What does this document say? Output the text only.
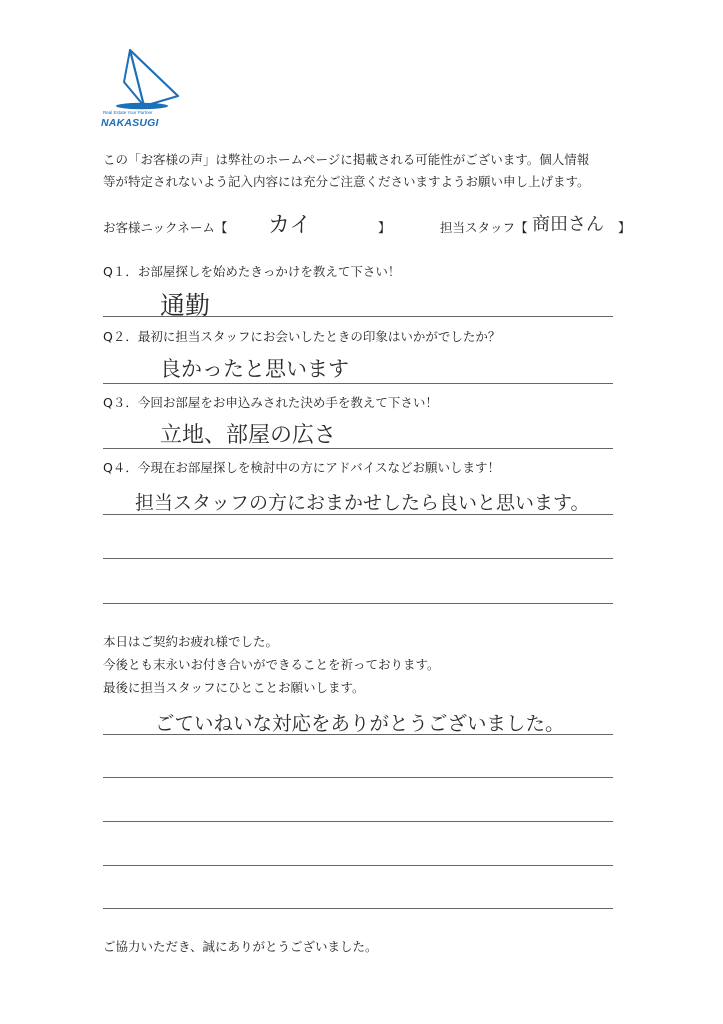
Real Estate Your Partner
NAKASUGI
この「お客様の声」は弊社のホームページに掲載される可能性がございます。個人情報
等が特定されないよう記入内容には充分ご注意くださいますようお願い申し上げます。
お客様ニックネーム【 カイ	】	担当スタッフ【 商田さん 】
Q１．お部屋探しを始めたきっかけを教えて下さい！
通勤
Q２．最初に担当スタッフにお会いしたときの印象はいかがでしたか？
良かったと思います
Q３．今回お部屋をお申込みされた決め手を教えて下さい！
立地、部屋の広さ
Q４．今現在お部屋探しを検討中の方にアドバイスなどお願いします！
担当スタッフの方におまかせしたら良いと思います。
本日はご契約お疲れ様でした。
今後とも末永いお付き合いができることを祈っております。
最後に担当スタッフにひとことお願いします。
ごていねいな対応をありがとうございました。
ご協力いただき、誠にありがとうございました。
